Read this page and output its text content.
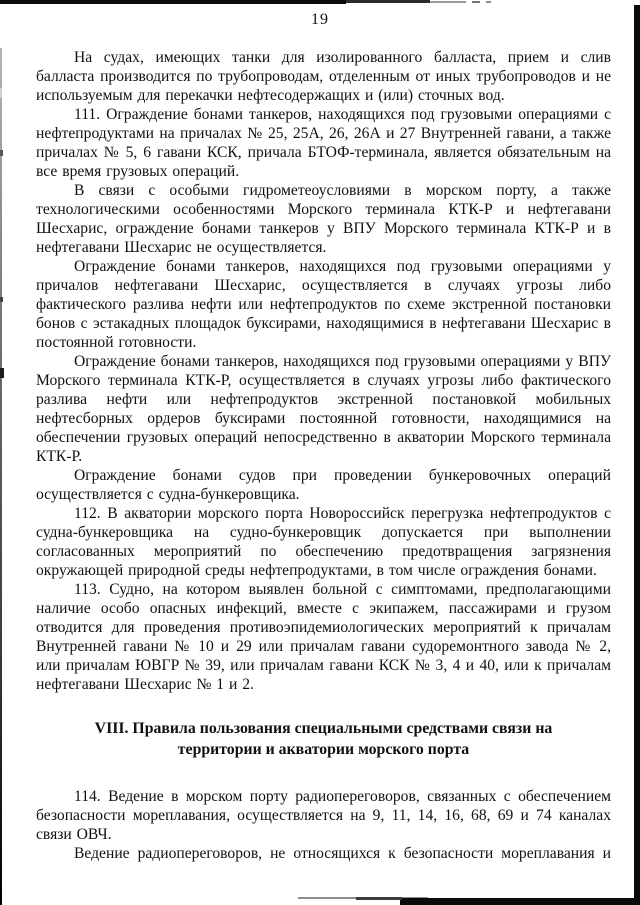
19

На судах, имеющих танки для изолированного балласта, прием и слив балласта производится по трубопроводам, отделенным от иных трубопроводов и не используемым для перекачки нефтесодержащих и (или) сточных вод.

111. Ограждение бонами танкеров, находящихся под грузовыми операциями с нефтепродуктами на причалах № 25, 25А, 26, 26А и 27 Внутренней гавани, а также причалах № 5, 6 гавани КСК, причала БТОФ-терминала, является обязательным на все время грузовых операций.

В связи с особыми гидрометеоусловиями в морском порту, а также технологическими особенностями Морского терминала КТК-Р и нефтегавани Шесхарис, ограждение бонами танкеров у ВПУ Морского терминала КТК-Р и в нефтегавани Шесхарис не осуществляется.

Ограждение бонами танкеров, находящихся под грузовыми операциями у причалов нефтегавани Шесхарис, осуществляется в случаях угрозы либо фактического разлива нефти или нефтепродуктов по схеме экстренной постановки бонов с эстакадных площадок буксирами, находящимися в нефтегавани Шесхарис в постоянной готовности.

Ограждение бонами танкеров, находящихся под грузовыми операциями у ВПУ Морского терминала КТК-Р, осуществляется в случаях угрозы либо фактического разлива нефти или нефтепродуктов экстренной постановкой мобильных нефтесборных ордеров буксирами постоянной готовности, находящимися на обеспечении грузовых операций непосредственно в акватории Морского терминала КТК-Р.

Ограждение бонами судов при проведении бункеровочных операций осуществляется с судна-бункеровщика.

112. В акватории морского порта Новороссийск перегрузка нефтепродуктов с судна-бункеровщика на судно-бункеровщик допускается при выполнении согласованных мероприятий по обеспечению предотвращения загрязнения окружающей природной среды нефтепродуктами, в том числе ограждения бонами.

113. Судно, на котором выявлен больной с симптомами, предполагающими наличие особо опасных инфекций, вместе с экипажем, пассажирами и грузом отводится для проведения противоэпидемиологических мероприятий к причалам Внутренней гавани № 10 и 29 или причалам гавани судоремонтного завода № 2, или причалам ЮВГР № 39, или причалам гавани КСК № 3, 4 и 40, или к причалам нефтегавани Шесхарис № 1 и 2.

VIII. Правила пользования специальными средствами связи на территории и акватории морского порта

114. Ведение в морском порту радиопереговоров, связанных с обеспечением безопасности мореплавания, осуществляется на 9, 11, 14, 16, 68, 69 и 74 каналах связи ОВЧ.

Ведение радиопереговоров, не относящихся к безопасности мореплавания и
